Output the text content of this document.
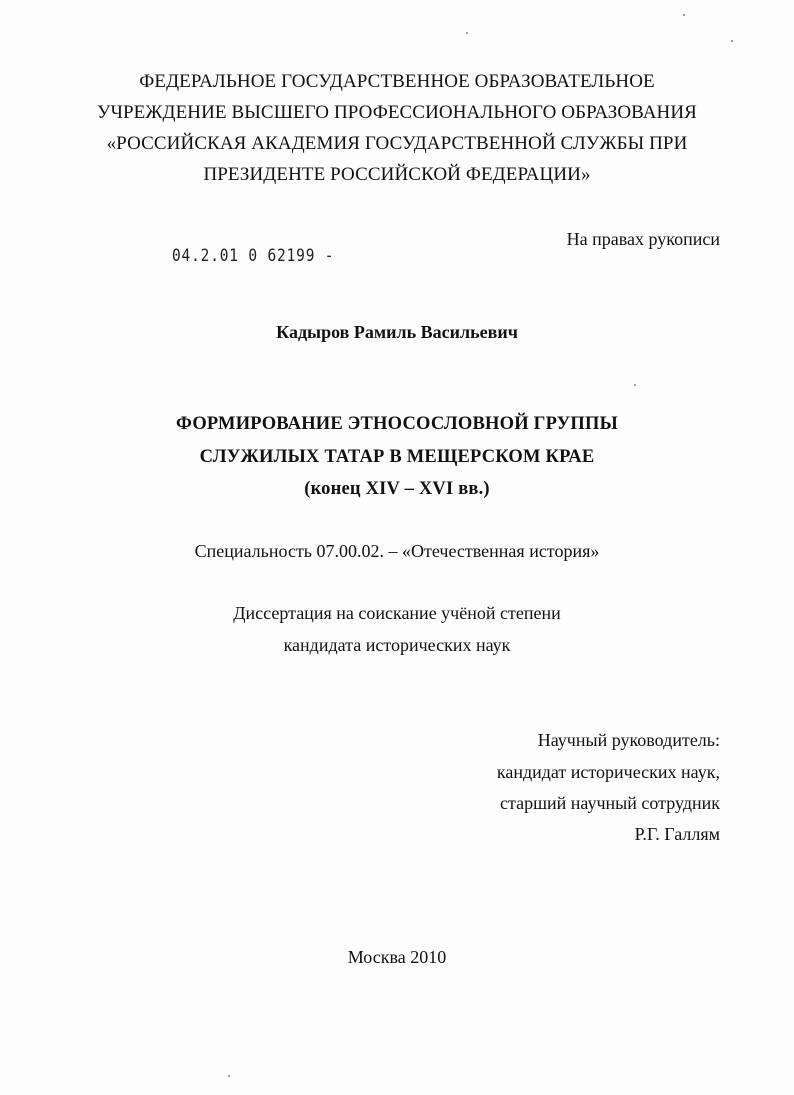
ФЕДЕРАЛЬНОЕ ГОСУДАРСТВЕННОЕ ОБРАЗОВАТЕЛЬНОЕ
УЧРЕЖДЕНИЕ ВЫСШЕГО ПРОФЕССИОНАЛЬНОГО ОБРАЗОВАНИЯ
«РОССИЙСКАЯ АКАДЕМИЯ ГОСУДАРСТВЕННОЙ СЛУЖБЫ ПРИ
ПРЕЗИДЕНТЕ РОССИЙСКОЙ ФЕДЕРАЦИИ»
На правах рукописи
04.2.01 0 62199 -
Кадыров Рамиль Васильевич
ФОРМИРОВАНИЕ ЭТНОСОСЛОВНОЙ ГРУППЫ
СЛУЖИЛЫХ ТАТАР В МЕЩЕРСКОМ КРАЕ
(конец XIV – XVI вв.)
Специальность 07.00.02. – «Отечественная история»
Диссертация на соискание учёной степени
кандидата исторических наук
Научный руководитель:
кандидат исторических наук,
старший научный сотрудник
Р.Г. Галлям
Москва 2010
